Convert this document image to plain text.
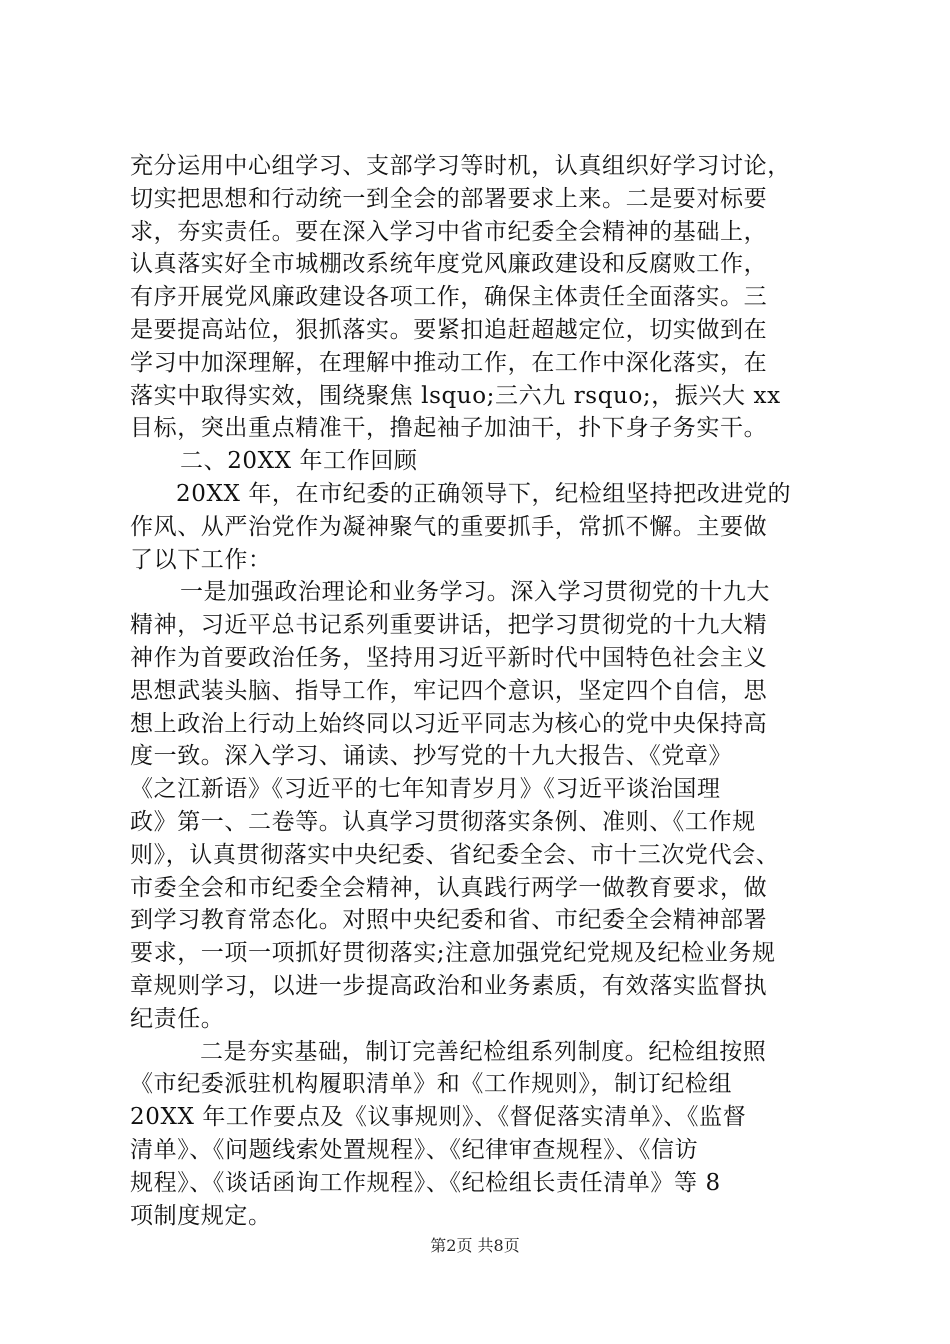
充分运用中心组学习、支部学习等时机，认真组织好学习讨论，
切实把思想和行动统一到全会的部署要求上来。二是要对标要
求，夯实责任。要在深入学习中省市纪委全会精神的基础上，
认真落实好全市城棚改系统年度党风廉政建设和反腐败工作，
有序开展党风廉政建设各项工作，确保主体责任全面落实。三
是要提高站位，狠抓落实。要紧扣追赶超越定位，切实做到在
学习中加深理解，在理解中推动工作，在工作中深化落实，在
落实中取得实效，围绕聚焦 lsquo;三六九 rsquo;，振兴大 xx
目标，突出重点精准干，撸起袖子加油干，扑下身子务实干。
二、20XX 年工作回顾
20XX 年，在市纪委的正确领导下，纪检组坚持把改进党的
作风、从严治党作为凝神聚气的重要抓手，常抓不懈。主要做
了以下工作：
一是加强政治理论和业务学习。深入学习贯彻党的十九大
精神，习近平总书记系列重要讲话，把学习贯彻党的十九大精
神作为首要政治任务，坚持用习近平新时代中国特色社会主义
思想武装头脑、指导工作，牢记四个意识，坚定四个自信，思
想上政治上行动上始终同以习近平同志为核心的党中央保持高
度一致。深入学习、诵读、抄写党的十九大报告、《党章》
《之江新语》《习近平的七年知青岁月》《习近平谈治国理
政》第一、二卷等。认真学习贯彻落实条例、准则、《工作规
则》，认真贯彻落实中央纪委、省纪委全会、市十三次党代会、
市委全会和市纪委全会精神，认真践行两学一做教育要求，做
到学习教育常态化。对照中央纪委和省、市纪委全会精神部署
要求，一项一项抓好贯彻落实;注意加强党纪党规及纪检业务规
章规则学习，以进一步提高政治和业务素质，有效落实监督执
纪责任。
二是夯实基础，制订完善纪检组系列制度。纪检组按照
《市纪委派驻机构履职清单》和《工作规则》，制订纪检组
20XX 年工作要点及《议事规则》、《督促落实清单》、《监督
清单》、《问题线索处置规程》、《纪律审查规程》、《信访
规程》、《谈话函询工作规程》、《纪检组长责任清单》等 8
项制度规定。
第2页 共8页
